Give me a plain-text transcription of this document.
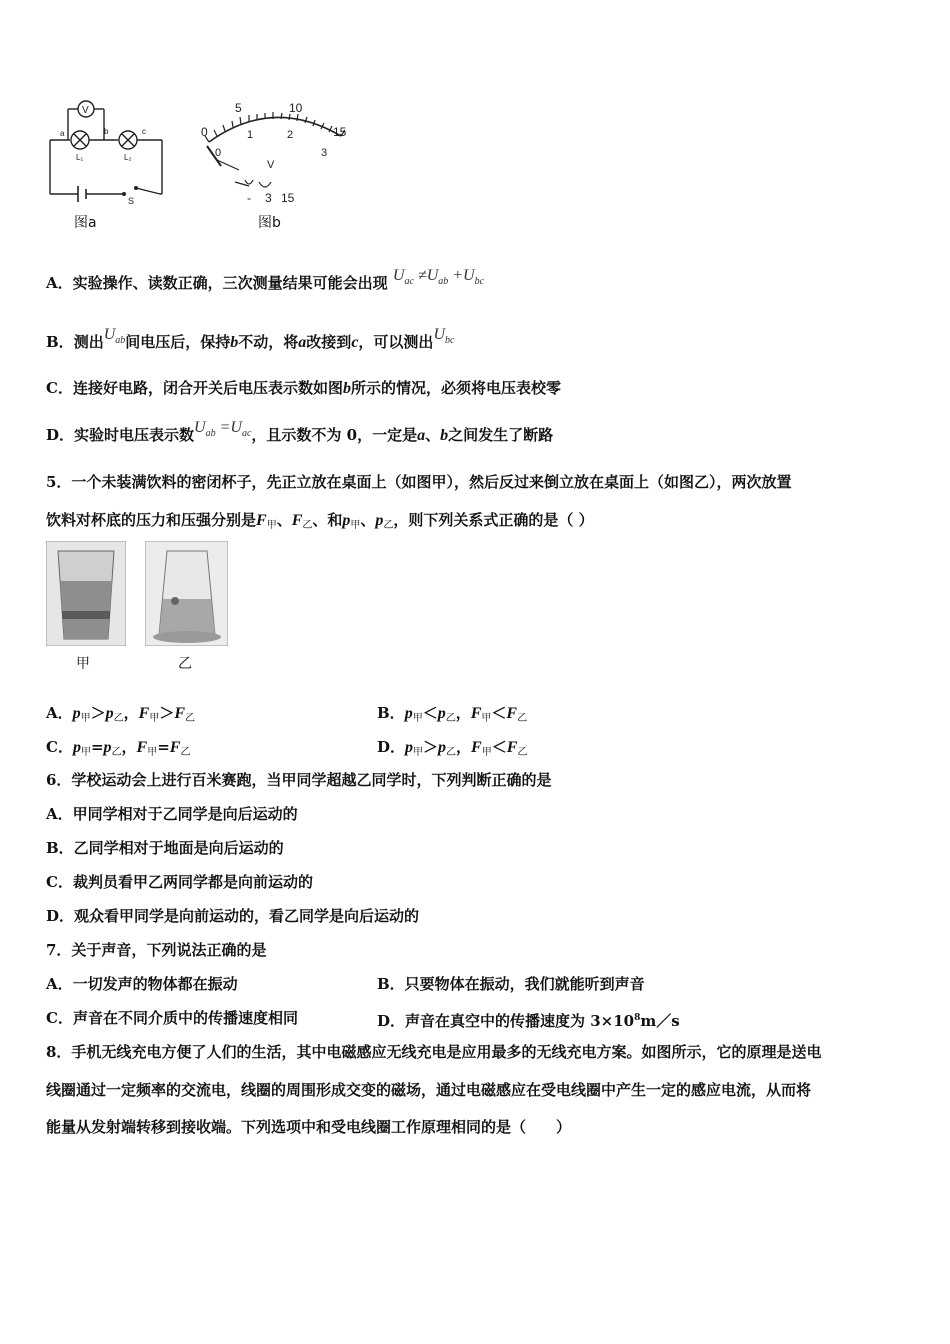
V
a	b	c
L₁	L₂
S
图a
0
5	10
15
0
1	2
3
V
- 3 15
图b
A．实验操作、读数正确，三次测量结果可能会出现 $U_{ac} \ne U_{ab} +U_{bc}$
B．测出$U_{ab}$间电压后，保持b不动，将a改接到c，可以测出$U_{bc}$
C．连接好电路，闭合开关后电压表示数如图b所示的情况，必须将电压表校零
D．实验时电压表示数$U_{ab} =U_{ac}$，且示数不为 0，一定是a、b之间发生了断路
5．一个未装满饮料的密闭杯子，先正立放在桌面上（如图甲），然后反过来倒立放在桌面上（如图乙），两次放置
饮料对杯底的压力和压强分别是$F_甲$、$F_乙$、和$p_甲$、$p_乙$，则下列关系式正确的是（ ）
甲	乙
A．$p_甲>p_乙$，$F_甲>F_乙$	B．$p_甲<p_乙$，$F_甲<F_乙$
C．$p_甲=p_乙$，$F_甲=F_乙$	D．$p_甲>p_乙$，$F_甲<F_乙$
6．学校运动会上进行百米赛跑，当甲同学超越乙同学时，下列判断正确的是
A．甲同学相对于乙同学是向后运动的
B．乙同学相对于地面是向后运动的
C．裁判员看甲乙两同学都是向前运动的
D．观众看甲同学是向前运动的，看乙同学是向后运动的
7．关于声音，下列说法正确的是
A．一切发声的物体都在振动	B．只要物体在振动，我们就能听到声音
C．声音在不同介质中的传播速度相同	D．声音在真空中的传播速度为 $3\times 10^8m/s$
8．手机无线充电方便了人们的生活，其中电磁感应无线充电是应用最多的无线充电方案。如图所示，它的原理是送电
线圈通过一定频率的交流电，线圈的周围形成交变的磁场，通过电磁感应在受电线圈中产生一定的感应电流，从而将
能量从发射端转移到接收端。下列选项中和受电线圈工作原理相同的是（　　）
